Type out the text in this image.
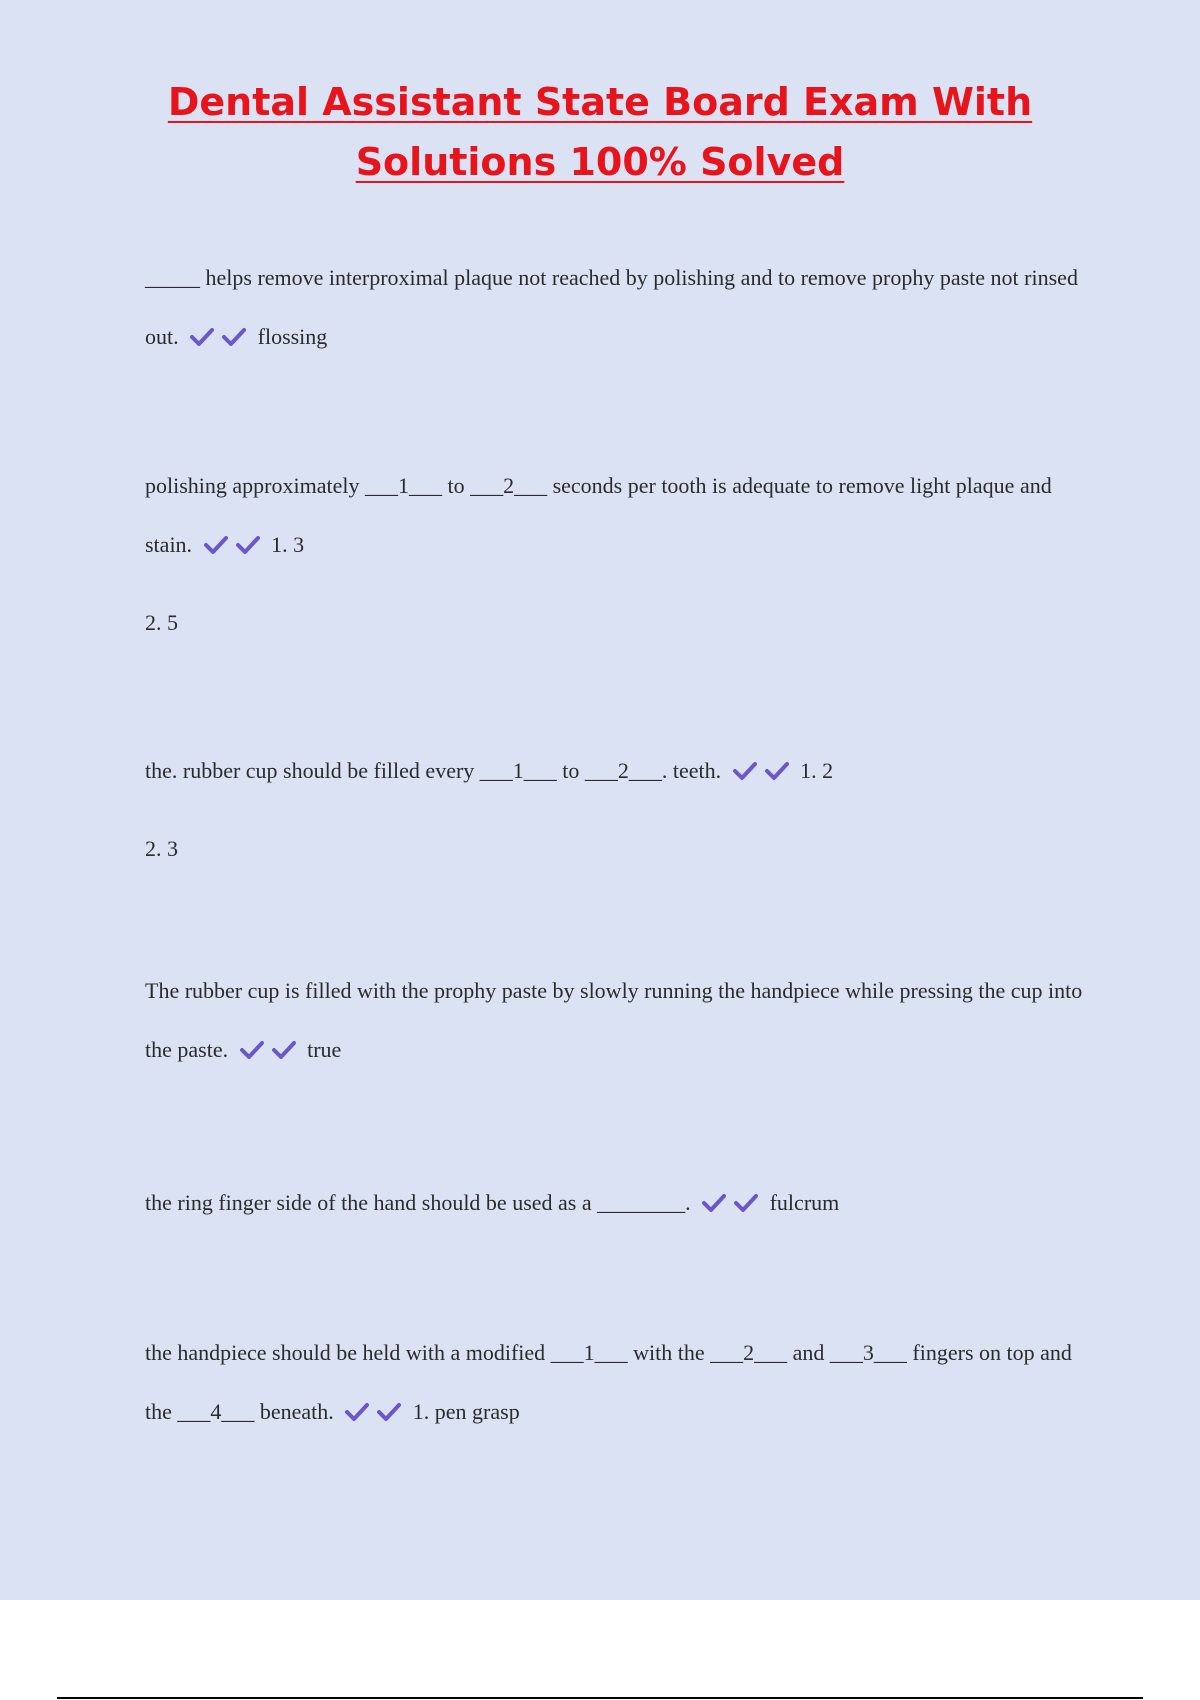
Dental Assistant State Board Exam With
Solutions 100% Solved
_____ helps remove interproximal plaque not reached by polishing and to remove prophy paste not rinsed out.	flossing
polishing approximately ___1___ to ___2___ seconds per tooth is adequate to remove light plaque and stain.	1. 3
2. 5
the. rubber cup should be filled every ___1___ to ___2___. teeth.	1. 2
2. 3
The rubber cup is filled with the prophy paste by slowly running the handpiece while pressing the cup into the paste.	true
the ring finger side of the hand should be used as a ________.	fulcrum
the handpiece should be held with a modified ___1___ with the ___2___ and ___3___ fingers on top and the ___4___ beneath.	1. pen grasp
